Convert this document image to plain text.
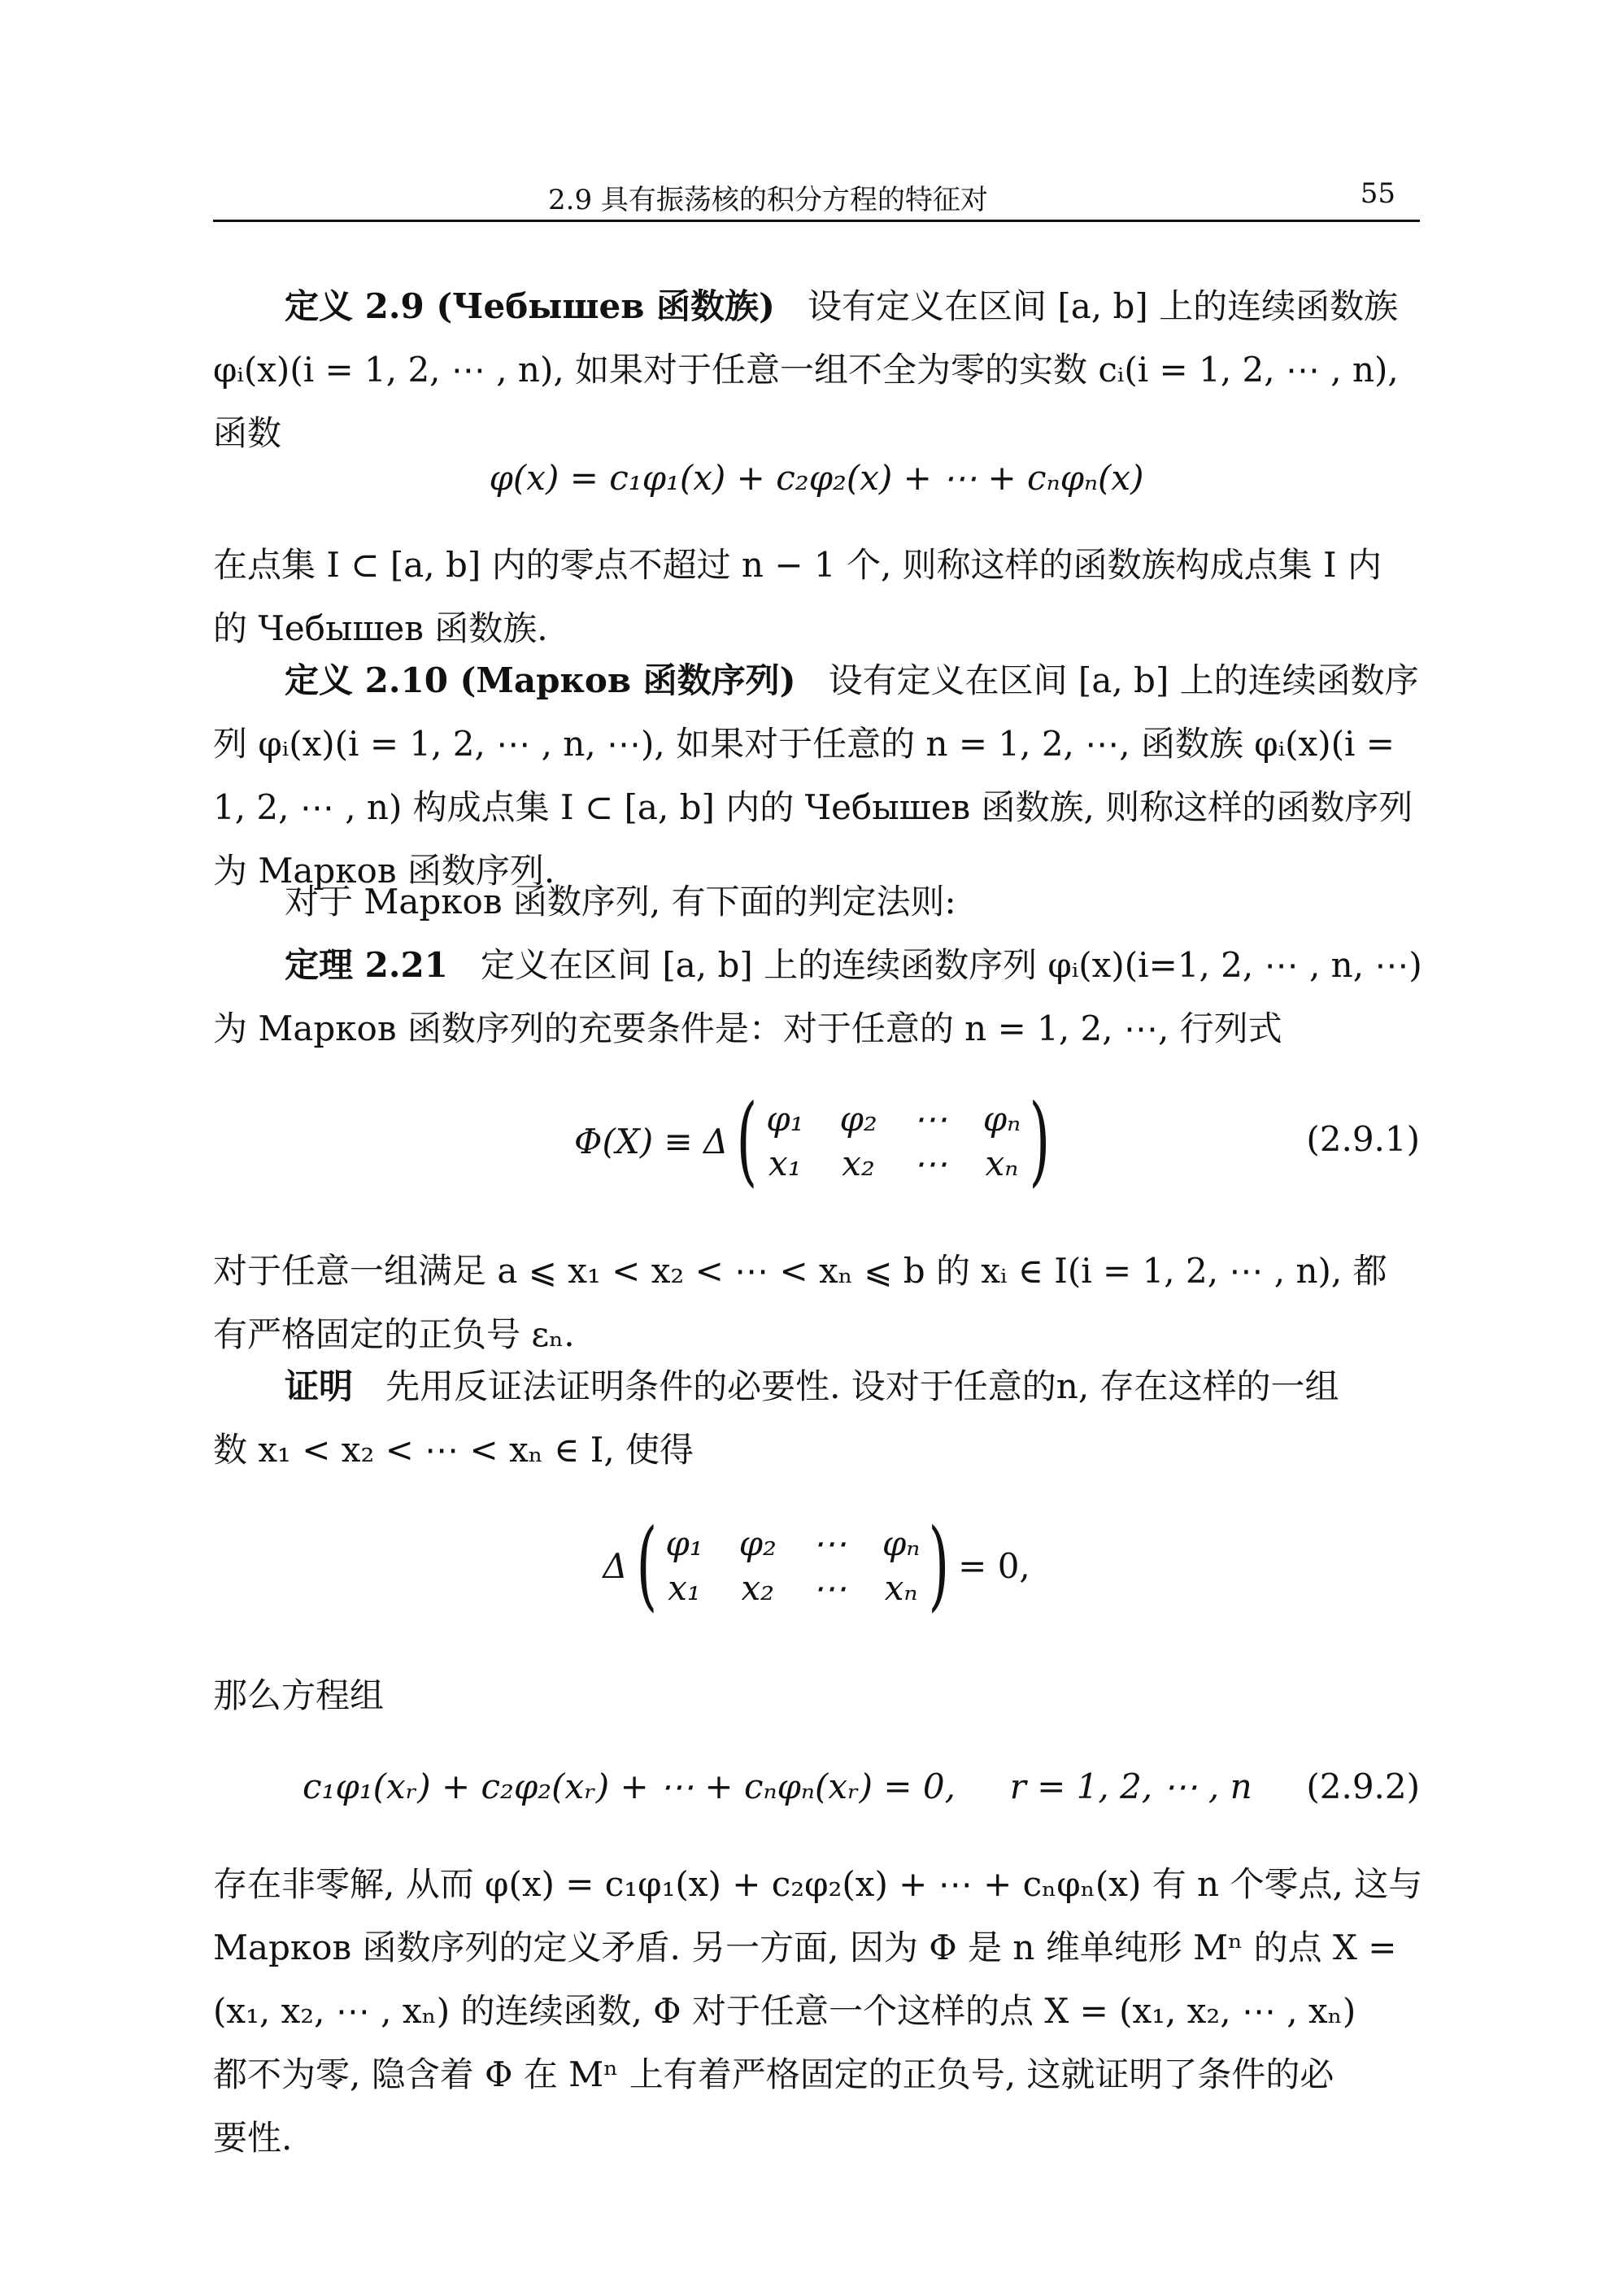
2.9 具有振荡核的积分方程的特征对	55
定义 2.9 (Чебышев 函数族) 设有定义在区间 [a, b] 上的连续函数族
φᵢ(x)(i = 1, 2, ⋯ , n), 如果对于任意一组不全为零的实数 cᵢ(i = 1, 2, ⋯ , n),
函数
φ(x) = c₁φ₁(x) + c₂φ₂(x) + ⋯ + cₙφₙ(x)
在点集 I ⊂ [a, b] 内的零点不超过 n − 1 个, 则称这样的函数族构成点集 I 内
的 Чебышев 函数族.
定义 2.10 (Марков 函数序列) 设有定义在区间 [a, b] 上的连续函数序
列 φᵢ(x)(i = 1, 2, ⋯ , n, ⋯), 如果对于任意的 n = 1, 2, ⋯, 函数族 φᵢ(x)(i =
1, 2, ⋯ , n) 构成点集 I ⊂ [a, b] 内的 Чебышев 函数族, 则称这样的函数序列
为 Марков 函数序列.
对于 Марков 函数序列, 有下面的判定法则:
定理 2.21 定义在区间 [a, b] 上的连续函数序列 φᵢ(x)(i=1, 2, ⋯ , n, ⋯)
为 Марков 函数序列的充要条件是：对于任意的 n = 1, 2, ⋯, 行列式
Φ(X) ≡ Δ ( φ₁ φ₂ ⋯ φₙ
x₁ x₂ ⋯ xₙ )	(2.9.1)
对于任意一组满足 a ⩽ x₁ < x₂ < ⋯ < xₙ ⩽ b 的 xᵢ ∈ I(i = 1, 2, ⋯ , n), 都
有严格固定的正负号 εₙ.
证明 先用反证法证明条件的必要性. 设对于任意的n, 存在这样的一组
数 x₁ < x₂ < ⋯ < xₙ ∈ I, 使得
Δ ( φ₁ φ₂ ⋯ φₙ
x₁ x₂ ⋯ xₙ ) = 0,
那么方程组
c₁φ₁(xᵣ) + c₂φ₂(xᵣ) + ⋯ + cₙφₙ(xᵣ) = 0,     r = 1, 2, ⋯ , n (2.9.2)
存在非零解, 从而 φ(x) = c₁φ₁(x) + c₂φ₂(x) + ⋯ + cₙφₙ(x) 有 n 个零点, 这与
Марков 函数序列的定义矛盾. 另一方面, 因为 Φ 是 n 维单纯形 Mⁿ 的点 X =
(x₁, x₂, ⋯ , xₙ) 的连续函数, Φ 对于任意一个这样的点 X = (x₁, x₂, ⋯ , xₙ)
都不为零, 隐含着 Φ 在 Mⁿ 上有着严格固定的正负号, 这就证明了条件的必
要性.
